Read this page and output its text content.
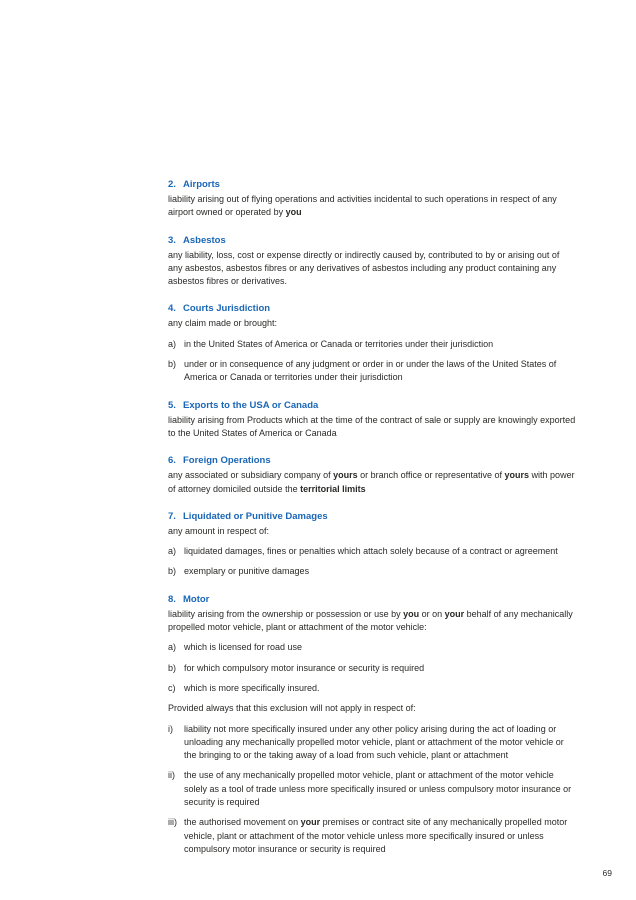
2. Airports

liability arising out of flying operations and activities incidental to such operations in respect of any airport owned or operated by you

3. Asbestos

any liability, loss, cost or expense directly or indirectly caused by, contributed to by or arising out of any asbestos, asbestos fibres or any derivatives of asbestos including any product containing any asbestos fibres or derivatives.

4. Courts Jurisdiction

any claim made or brought:

a) in the United States of America or Canada or territories under their jurisdiction
b) under or in consequence of any judgment or order in or under the laws of the United States of America or Canada or territories under their jurisdiction
5. Exports to the USA or Canada

liability arising from Products which at the time of the contract of sale or supply are knowingly exported to the United States of America or Canada

6. Foreign Operations

any associated or subsidiary company of yours or branch office or representative of yours with power of attorney domiciled outside the territorial limits

7. Liquidated or Punitive Damages

any amount in respect of:

a) liquidated damages, fines or penalties which attach solely because of a contract or agreement
b) exemplary or punitive damages
8. Motor

liability arising from the ownership or possession or use by you or on your behalf of any mechanically propelled motor vehicle, plant or attachment of the motor vehicle:

a) which is licensed for road use
b) for which compulsory motor insurance or security is required
c) which is more specifically insured.

Provided always that this exclusion will not apply in respect of:

i)	liability not more specifically insured under any other policy arising during the act of loading or unloading any mechanically propelled motor vehicle, plant or attachment of the motor vehicle or the bringing to or the taking away of a load from such vehicle, plant or attachment
ii)	the use of any mechanically propelled motor vehicle, plant or attachment of the motor vehicle solely as a tool of trade unless more specifically insured or unless compulsory motor insurance or security is required
iii) the authorised movement on your premises or contract site of any mechanically propelled motor vehicle, plant or attachment of the motor vehicle unless more specifically insured or unless compulsory motor insurance or security is required
69
